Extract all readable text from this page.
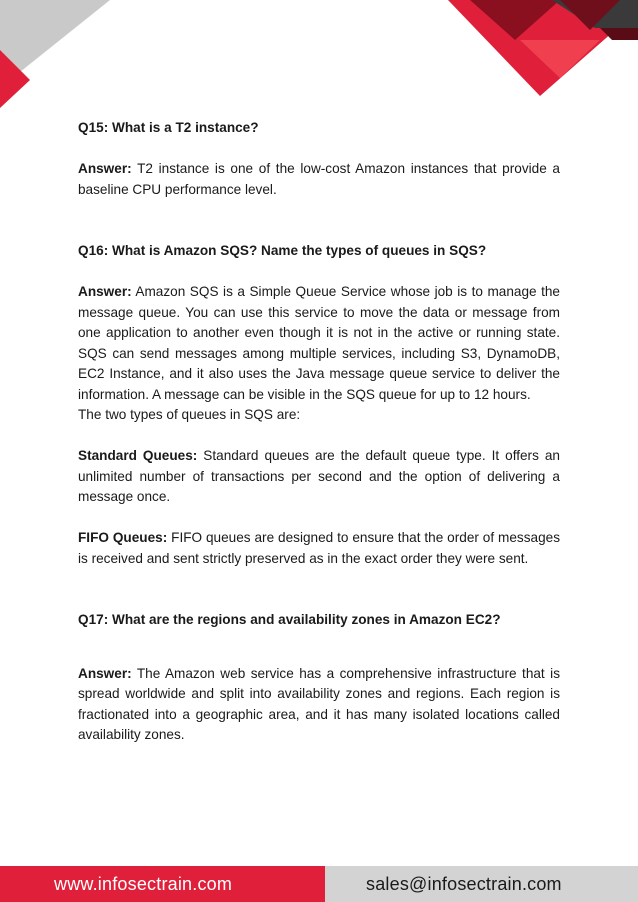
Q15: What is a T2 instance?

Answer: T2 instance is one of the low-cost Amazon instances that provide a baseline CPU performance level.

Q16: What is Amazon SQS? Name the types of queues in SQS?

Answer: Amazon SQS is a Simple Queue Service whose job is to manage the message queue. You can use this service to move the data or message from one application to another even though it is not in the active or running state. SQS can send messages among multiple services, including S3, DynamoDB, EC2 Instance, and it also uses the Java message queue service to deliver the information. A message can be visible in the SQS queue for up to 12 hours.

The two types of queues in SQS are:

Standard Queues: Standard queues are the default queue type. It offers an unlimited number of transactions per second and the option of delivering a message once.

FIFO Queues: FIFO queues are designed to ensure that the order of messages is received and sent strictly preserved as in the exact order they were sent.

Q17: What are the regions and availability zones in Amazon EC2?

Answer: The Amazon web service has a comprehensive infrastructure that is spread worldwide and split into availability zones and regions. Each region is fractionated into a geographic area, and it has many isolated locations called availability zones.

www.infosectrain.com	sales@infosectrain.com
